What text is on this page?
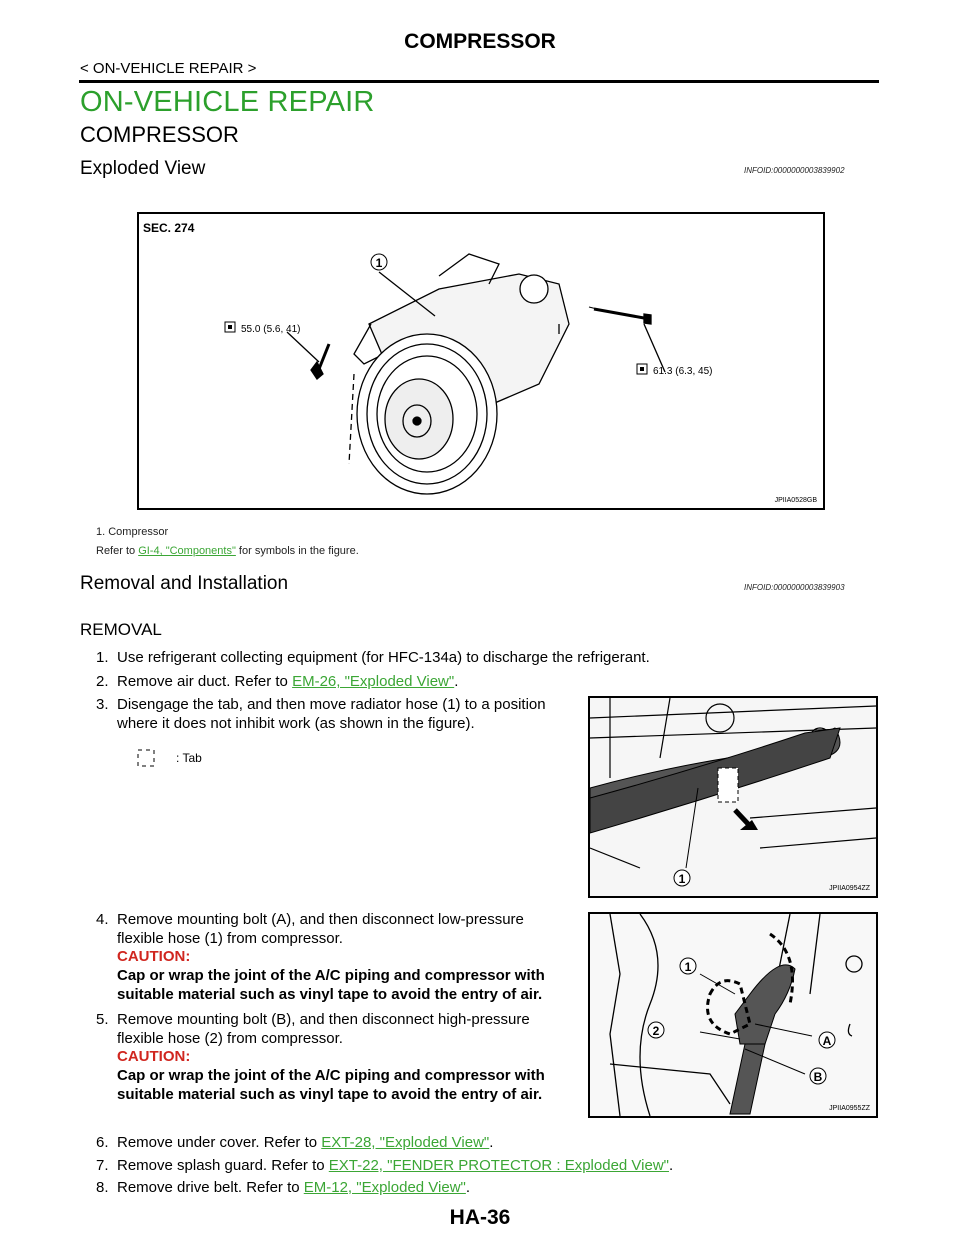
COMPRESSOR
< ON-VEHICLE REPAIR >
ON-VEHICLE REPAIR
COMPRESSOR
Exploded View	INFOID:0000000003839902
SEC. 274
1
55.0 (5.6, 41)
61.3 (6.3, 45)
JPIIA0528GB
1. Compressor
Refer to GI-4, "Components" for symbols in the figure.
Removal and Installation	INFOID:0000000003839903
REMOVAL
1. Use refrigerant collecting equipment (for HFC-134a) to discharge the refrigerant.
2. Remove air duct. Refer to EM-26, "Exploded View".
3. Disengage the tab, and then move radiator hose (1) to a position
where it does not inhibit work (as shown in the figure).
: Tab
1
JPIIA0954ZZ
4. Remove mounting bolt (A), and then disconnect low-pressure
flexible hose (1) from compressor.
CAUTION:
Cap or wrap the joint of the A/C piping and compressor with
suitable material such as vinyl tape to avoid the entry of air.
5. Remove mounting bolt (B), and then disconnect high-pressure
flexible hose (2) from compressor.
CAUTION:
Cap or wrap the joint of the A/C piping and compressor with
suitable material such as vinyl tape to avoid the entry of air.
1
A
2
B
JPIIA0955ZZ
6. Remove under cover. Refer to EXT-28, "Exploded View".
7. Remove splash guard. Refer to EXT-22, "FENDER PROTECTOR : Exploded View".
8. Remove drive belt. Refer to EM-12, "Exploded View".
HA-36
